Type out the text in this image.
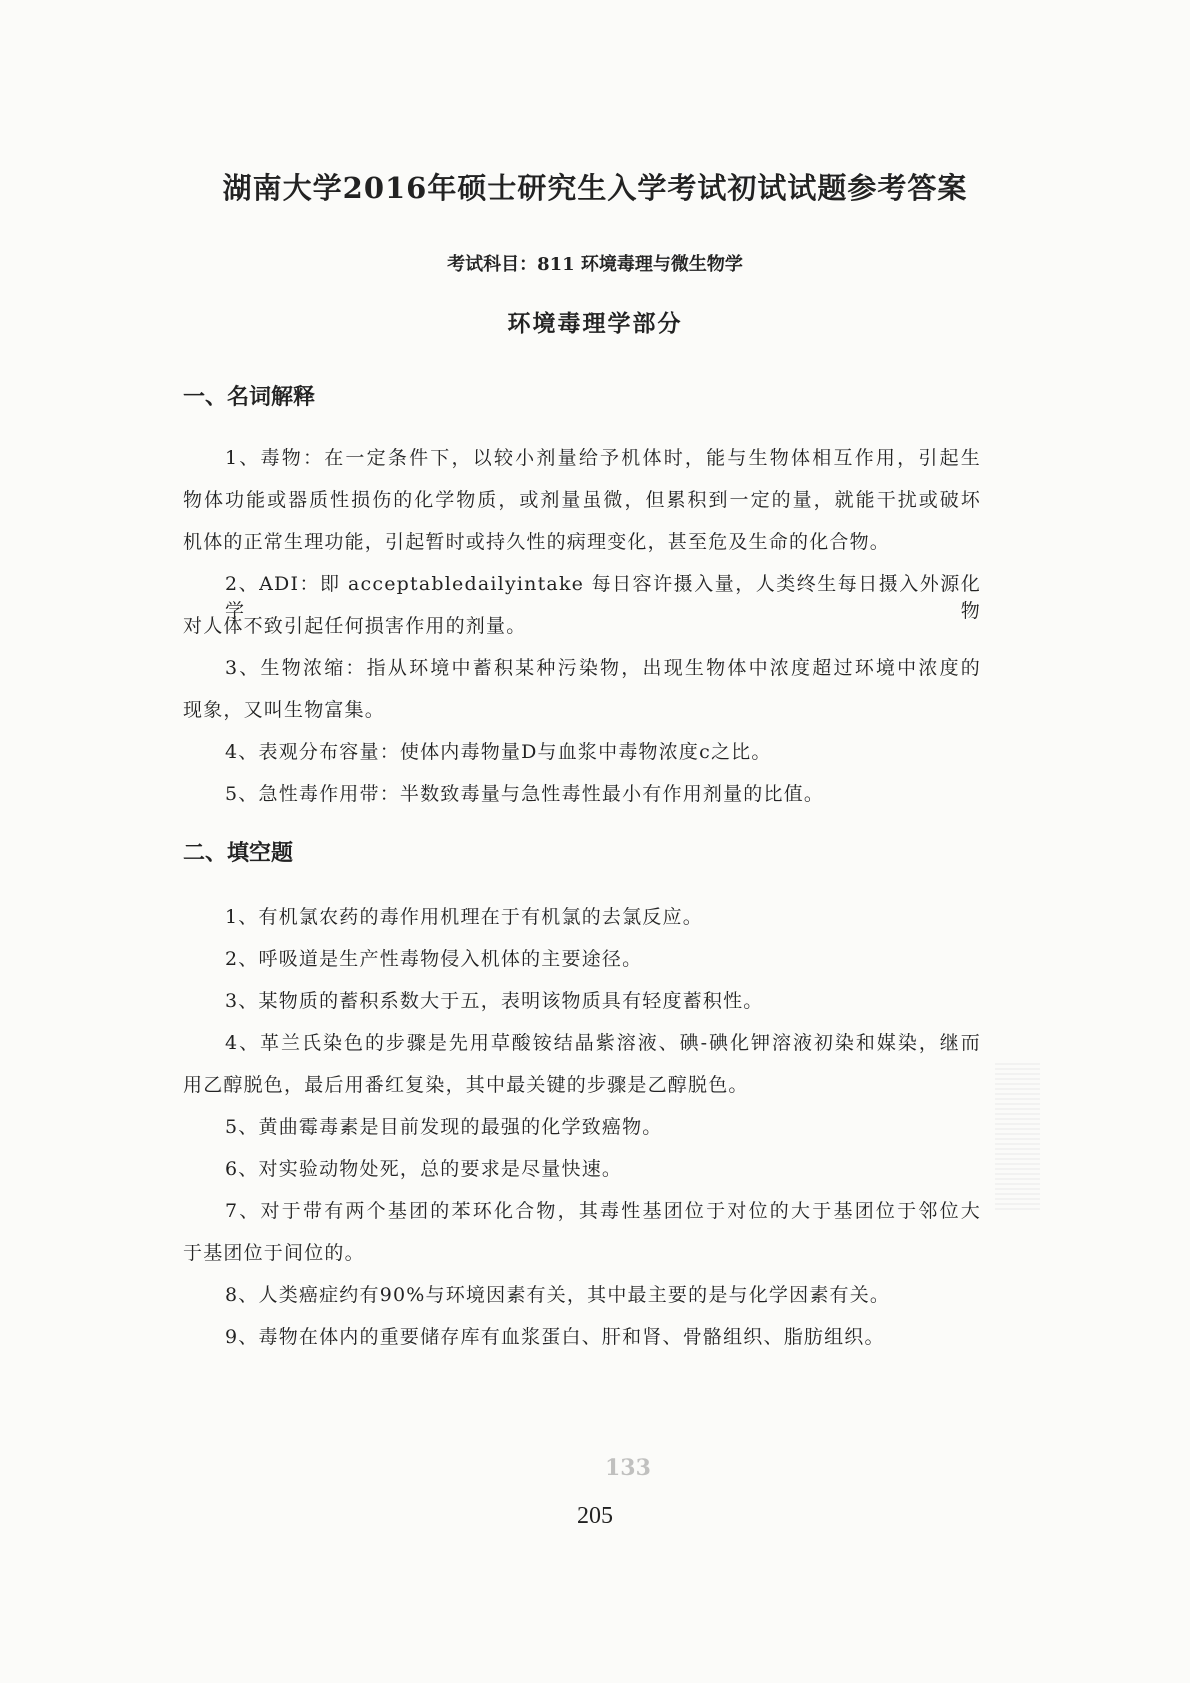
湖南大学2016年硕士研究生入学考试初试试题参考答案
考试科目：811 环境毒理与微生物学
环境毒理学部分
一、名词解释
1、毒物：在一定条件下，以较小剂量给予机体时，能与生物体相互作用，引起生
物体功能或器质性损伤的化学物质，或剂量虽微，但累积到一定的量，就能干扰或破坏
机体的正常生理功能，引起暂时或持久性的病理变化，甚至危及生命的化合物。
2、ADI：即 acceptabledailyintake 每日容许摄入量，人类终生每日摄入外源化学物
对人体不致引起任何损害作用的剂量。
3、生物浓缩：指从环境中蓄积某种污染物，出现生物体中浓度超过环境中浓度的
现象，又叫生物富集。
4、表观分布容量：使体内毒物量D与血浆中毒物浓度c之比。
5、急性毒作用带：半数致毒量与急性毒性最小有作用剂量的比值。
二、填空题
1、有机氯农药的毒作用机理在于有机氯的去氯反应。
2、呼吸道是生产性毒物侵入机体的主要途径。
3、某物质的蓄积系数大于五，表明该物质具有轻度蓄积性。
4、革兰氏染色的步骤是先用草酸铵结晶紫溶液、碘-碘化钾溶液初染和媒染，继而
用乙醇脱色，最后用番红复染，其中最关键的步骤是乙醇脱色。
5、黄曲霉毒素是目前发现的最强的化学致癌物。
6、对实验动物处死，总的要求是尽量快速。
7、对于带有两个基团的苯环化合物，其毒性基团位于对位的大于基团位于邻位大
于基团位于间位的。
8、人类癌症约有90%与环境因素有关，其中最主要的是与化学因素有关。
9、毒物在体内的重要储存库有血浆蛋白、肝和肾、骨骼组织、脂肪组织。
133
205
